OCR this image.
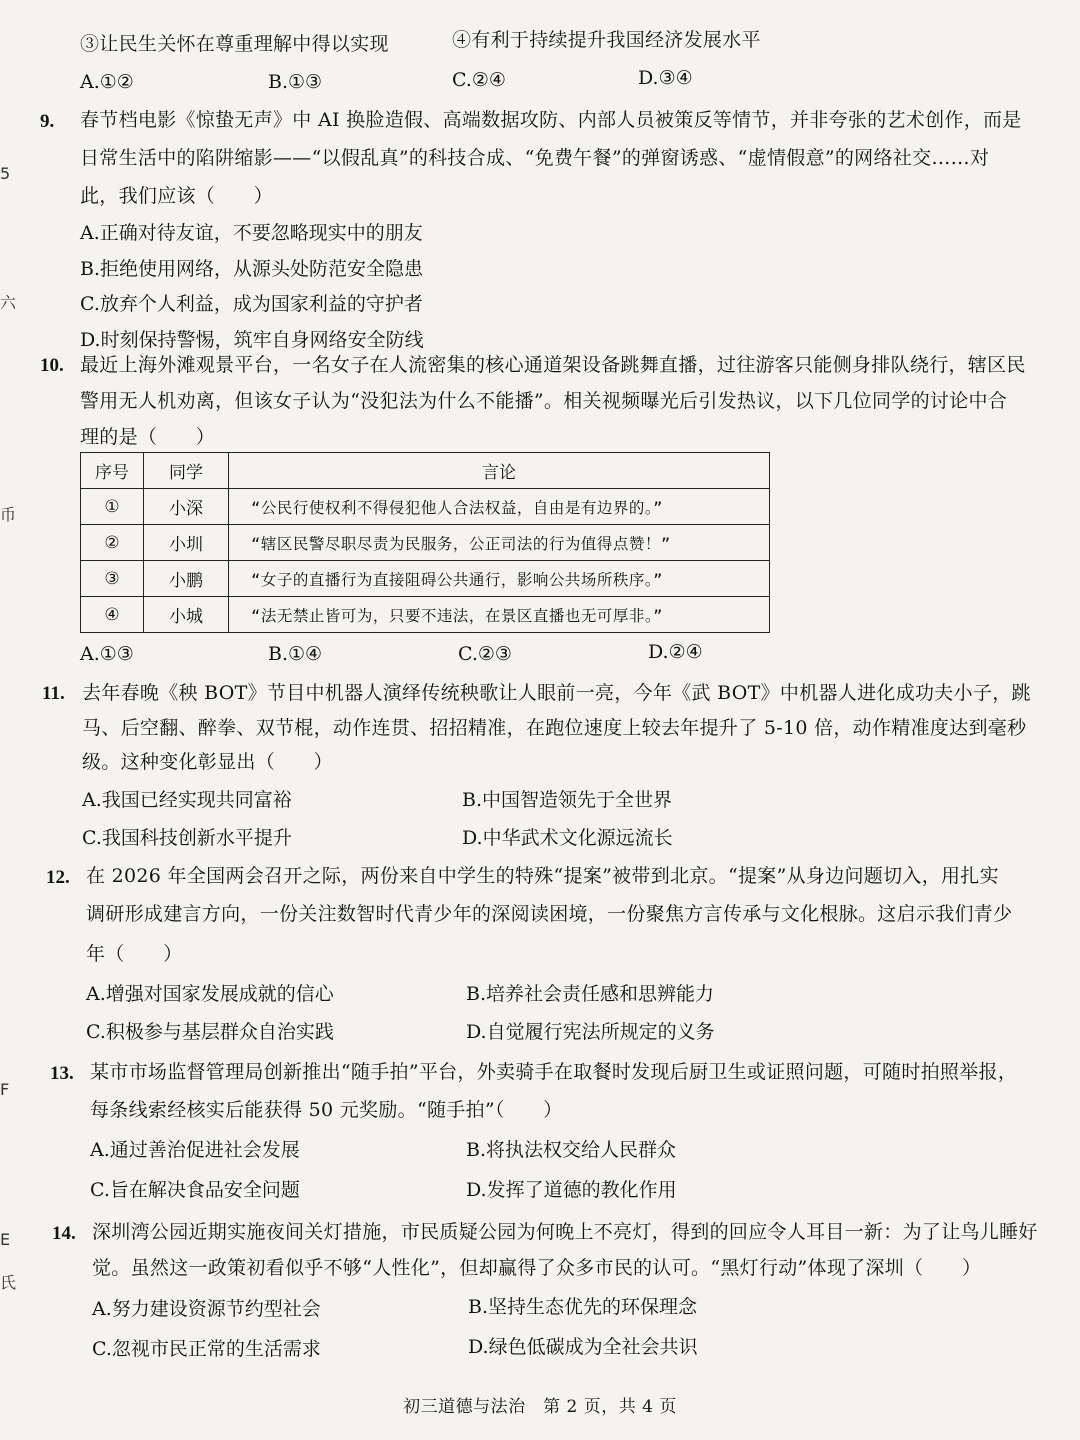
5
六
币
F
E
氏
③让民生关怀在尊重理解中得以实现	④有利于持续提升我国经济发展水平
A.①②	B.①③	C.②④	D.③④
9. 春节档电影《惊蛰无声》中 AI 换脸造假、高端数据攻防、内部人员被策反等情节，并非夸张的艺术创作，而是
日常生活中的陷阱缩影——“以假乱真”的科技合成、“免费午餐”的弹窗诱惑、“虚情假意”的网络社交……对
此，我们应该（　　）
A.正确对待友谊，不要忽略现实中的朋友
B.拒绝使用网络，从源头处防范安全隐患
C.放弃个人利益，成为国家利益的守护者
D.时刻保持警惕，筑牢自身网络安全防线
10. 最近上海外滩观景平台，一名女子在人流密集的核心通道架设备跳舞直播，过往游客只能侧身排队绕行，辖区民
警用无人机劝离，但该女子认为“没犯法为什么不能播”。相关视频曝光后引发热议，以下几位同学的讨论中合
理的是（　　）
序号	同学	言论
①	小深	“公民行使权利不得侵犯他人合法权益，自由是有边界的。”
②	小圳	“辖区民警尽职尽责为民服务，公正司法的行为值得点赞！”
③	小鹏	“女子的直播行为直接阻碍公共通行，影响公共场所秩序。”
④	小城	“法无禁止皆可为，只要不违法，在景区直播也无可厚非。”
A.①③	B.①④	C.②③	D.②④
11. 去年春晚《秧 BOT》节目中机器人演绎传统秧歌让人眼前一亮，今年《武 BOT》中机器人进化成功夫小子，跳
马、后空翻、醉拳、双节棍，动作连贯、招招精准，在跑位速度上较去年提升了 5-10 倍，动作精准度达到毫秒
级。这种变化彰显出（　　）
A.我国已经实现共同富裕	B.中国智造领先于全世界
C.我国科技创新水平提升	D.中华武术文化源远流长
12. 在 2026 年全国两会召开之际，两份来自中学生的特殊“提案”被带到北京。“提案”从身边问题切入，用扎实
调研形成建言方向，一份关注数智时代青少年的深阅读困境，一份聚焦方言传承与文化根脉。这启示我们青少
年（　　）
A.增强对国家发展成就的信心	B.培养社会责任感和思辨能力
C.积极参与基层群众自治实践	D.自觉履行宪法所规定的义务
13. 某市市场监督管理局创新推出“随手拍”平台，外卖骑手在取餐时发现后厨卫生或证照问题，可随时拍照举报，
每条线索经核实后能获得 50 元奖励。“随手拍”（　　）
A.通过善治促进社会发展	B.将执法权交给人民群众
C.旨在解决食品安全问题	D.发挥了道德的教化作用
14. 深圳湾公园近期实施夜间关灯措施，市民质疑公园为何晚上不亮灯，得到的回应令人耳目一新：为了让鸟儿睡好
觉。虽然这一政策初看似乎不够“人性化”，但却赢得了众多市民的认可。“黑灯行动”体现了深圳（　　）
A.努力建设资源节约型社会	B.坚持生态优先的环保理念
C.忽视市民正常的生活需求	D.绿色低碳成为全社会共识
初三道德与法治　第 2 页，共 4 页
